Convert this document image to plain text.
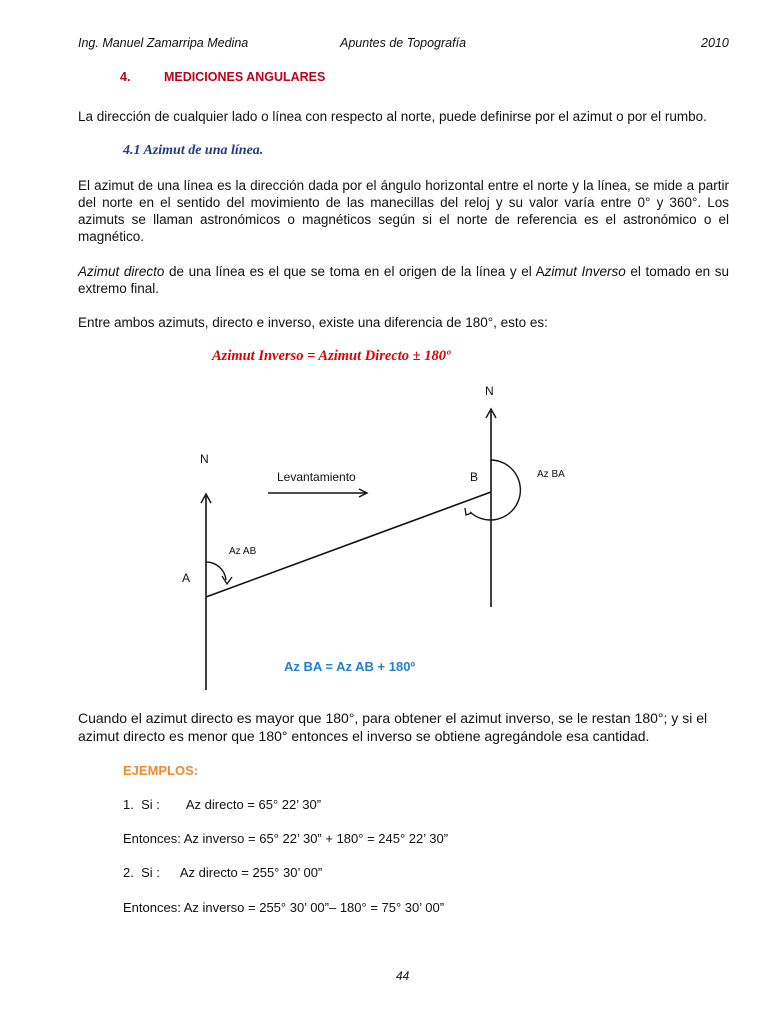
Ing. Manuel Zamarripa Medina	Apuntes de Topografía	2010
4.	MEDICIONES ANGULARES
La dirección de cualquier lado o línea con respecto al norte, puede definirse por el azimut o por el rumbo.
4.1 Azimut de una línea.
El azimut de una línea es la dirección dada por el ángulo horizontal entre el norte y la línea, se mide a partir del norte en el sentido del movimiento de las manecillas del reloj y su valor varía entre 0° y 360°. Los azimuts se llaman astronómicos o magnéticos según si el norte de referencia es el astronómico o el magnético.
Azimut directo de una línea es el que se toma en el origen de la línea y el Azimut Inverso el tomado en su extremo final.
Entre ambos azimuts, directo e inverso, existe una diferencia de 180°, esto es:
Azimut Inverso = Azimut Directo ± 180º
N
N
Levantamiento	B
A
Az AB
Az BA
Az BA = Az AB + 180º
Cuando el azimut directo es mayor que 180°, para obtener el azimut inverso, se le restan 180°; y si el azimut directo es menor que 180° entonces el inverso se obtiene agregándole esa cantidad.
EJEMPLOS:
1. Si : Az directo = 65° 22’ 30”
Entonces: Az inverso = 65° 22’ 30” + 180° = 245° 22’ 30”
2. Si : Az directo = 255° 30’ 00”
Entonces: Az inverso = 255° 30’ 00”– 180° = 75° 30’ 00”
44
